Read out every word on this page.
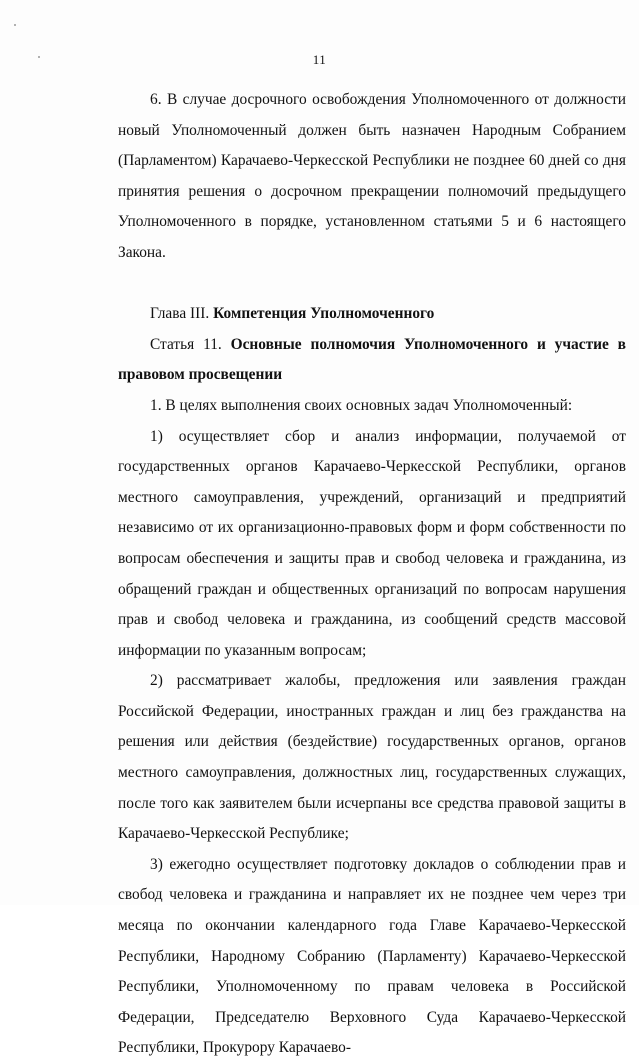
11

6. В случае досрочного освобождения Уполномоченного от должности новый Уполномоченный должен быть назначен Народным Собранием (Парламентом) Карачаево-Черкесской Республики не позднее 60 дней со дня принятия решения о досрочном прекращении полномочий предыдущего Уполномоченного в порядке, установленном статьями 5 и 6 настоящего Закона.

Глава III. Компетенция Уполномоченного

Статья 11. Основные полномочия Уполномоченного и участие в правовом просвещении

1. В целях выполнения своих основных задач Уполномоченный:

1) осуществляет сбор и анализ информации, получаемой от государственных органов Карачаево-Черкесской Республики, органов местного самоуправления, учреждений, организаций и предприятий независимо от их организационно-правовых форм и форм собственности по вопросам обеспечения и защиты прав и свобод человека и гражданина, из обращений граждан и общественных организаций по вопросам нарушения прав и свобод человека и гражданина, из сообщений средств массовой информации по указанным вопросам;

2) рассматривает жалобы, предложения или заявления граждан Российской Федерации, иностранных граждан и лиц без гражданства на решения или действия (бездействие) государственных органов, органов местного самоуправления, должностных лиц, государственных служащих, после того как заявителем были исчерпаны все средства правовой защиты в Карачаево-Черкесской Республике;

3) ежегодно осуществляет подготовку докладов о соблюдении прав и свобод человека и гражданина и направляет их не позднее чем через три месяца по окончании календарного года Главе Карачаево-Черкесской Республики, Народному Собранию (Парламенту) Карачаево-Черкесской Республики, Уполномоченному по правам человека в Российской Федерации, Председателю Верховного Суда Карачаево-Черкесской Республики, Прокурору Карачаево-
